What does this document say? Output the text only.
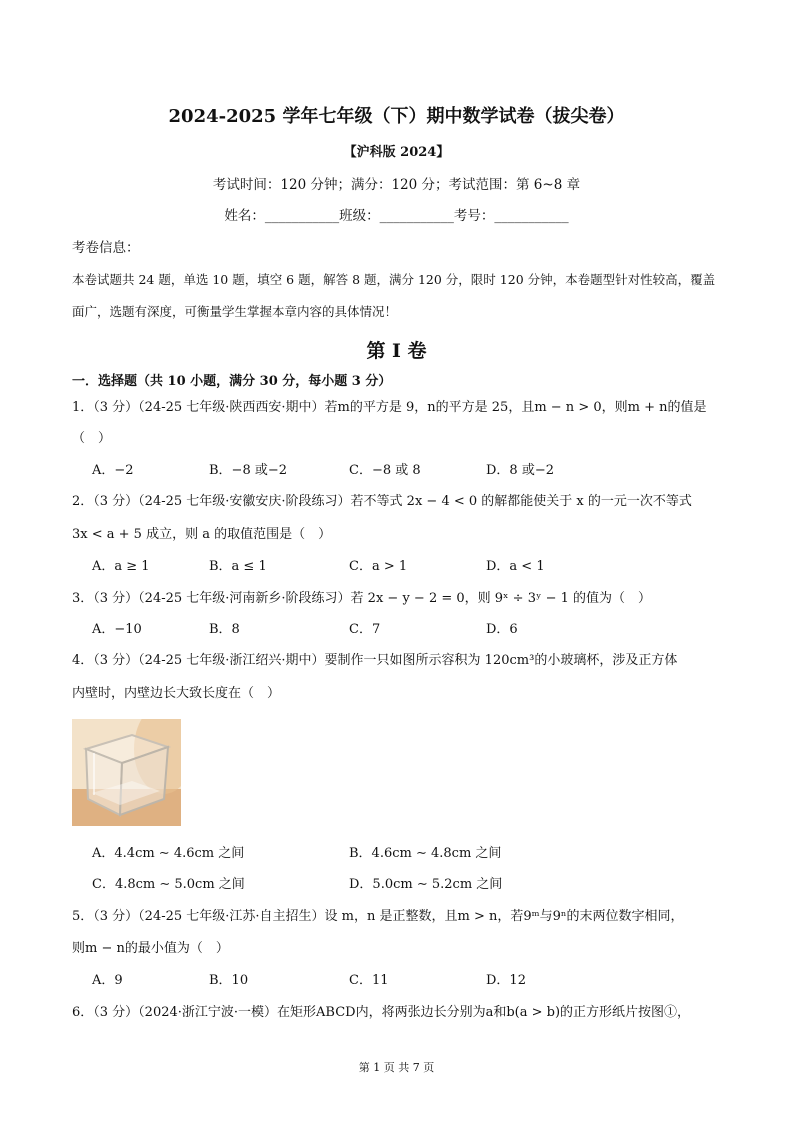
2024-2025 学年七年级（下）期中数学试卷（拔尖卷）
【沪科版 2024】
考试时间：120 分钟；满分：120 分；考试范围：第 6~8 章
姓名：___________班级：___________考号：___________
考卷信息：
本卷试题共 24 题，单选 10 题，填空 6 题，解答 8 题，满分 120 分，限时 120 分钟，本卷题型针对性较高，覆盖
面广，选题有深度，可衡量学生掌握本章内容的具体情况！
第 I 卷
一．选择题（共 10 小题，满分 30 分，每小题 3 分）
1．（3 分）（24-25 七年级·陕西西安·期中）若m的平方是 9，n的平方是 25，且m − n > 0，则m + n的值是
（　）
A．−2	B．−8 或−2	C．−8 或 8	D．8 或−2
2．（3 分）（24-25 七年级·安徽安庆·阶段练习）若不等式 2x − 4 < 0 的解都能使关于 x 的一元一次不等式
3x < a + 5 成立，则 a 的取值范围是（　）
A．a ≥ 1	B．a ≤ 1	C．a > 1	D．a < 1
3．（3 分）（24-25 七年级·河南新乡·阶段练习）若 2x − y − 2 = 0，则 9ˣ ÷ 3ʸ − 1 的值为（　）
A．−10	B．8	C．7	D．6
4．（3 分）（24-25 七年级·浙江绍兴·期中）要制作一只如图所示容积为 120cm³的小玻璃杯，涉及正方体
内壁时，内壁边长大致长度在（　）
A．4.4cm ∼ 4.6cm 之间	B．4.6cm ∼ 4.8cm 之间
C．4.8cm ∼ 5.0cm 之间	D．5.0cm ∼ 5.2cm 之间
5．（3 分）（24-25 七年级·江苏·自主招生）设 m，n 是正整数，且m > n，若9ᵐ与9ⁿ的末两位数字相同，
则m − n的最小值为（　）
A．9	B．10	C．11	D．12
6．（3 分）（2024·浙江宁波·一模）在矩形ABCD内，将两张边长分别为a和b(a > b)的正方形纸片按图①，
第 1 页 共 7 页
